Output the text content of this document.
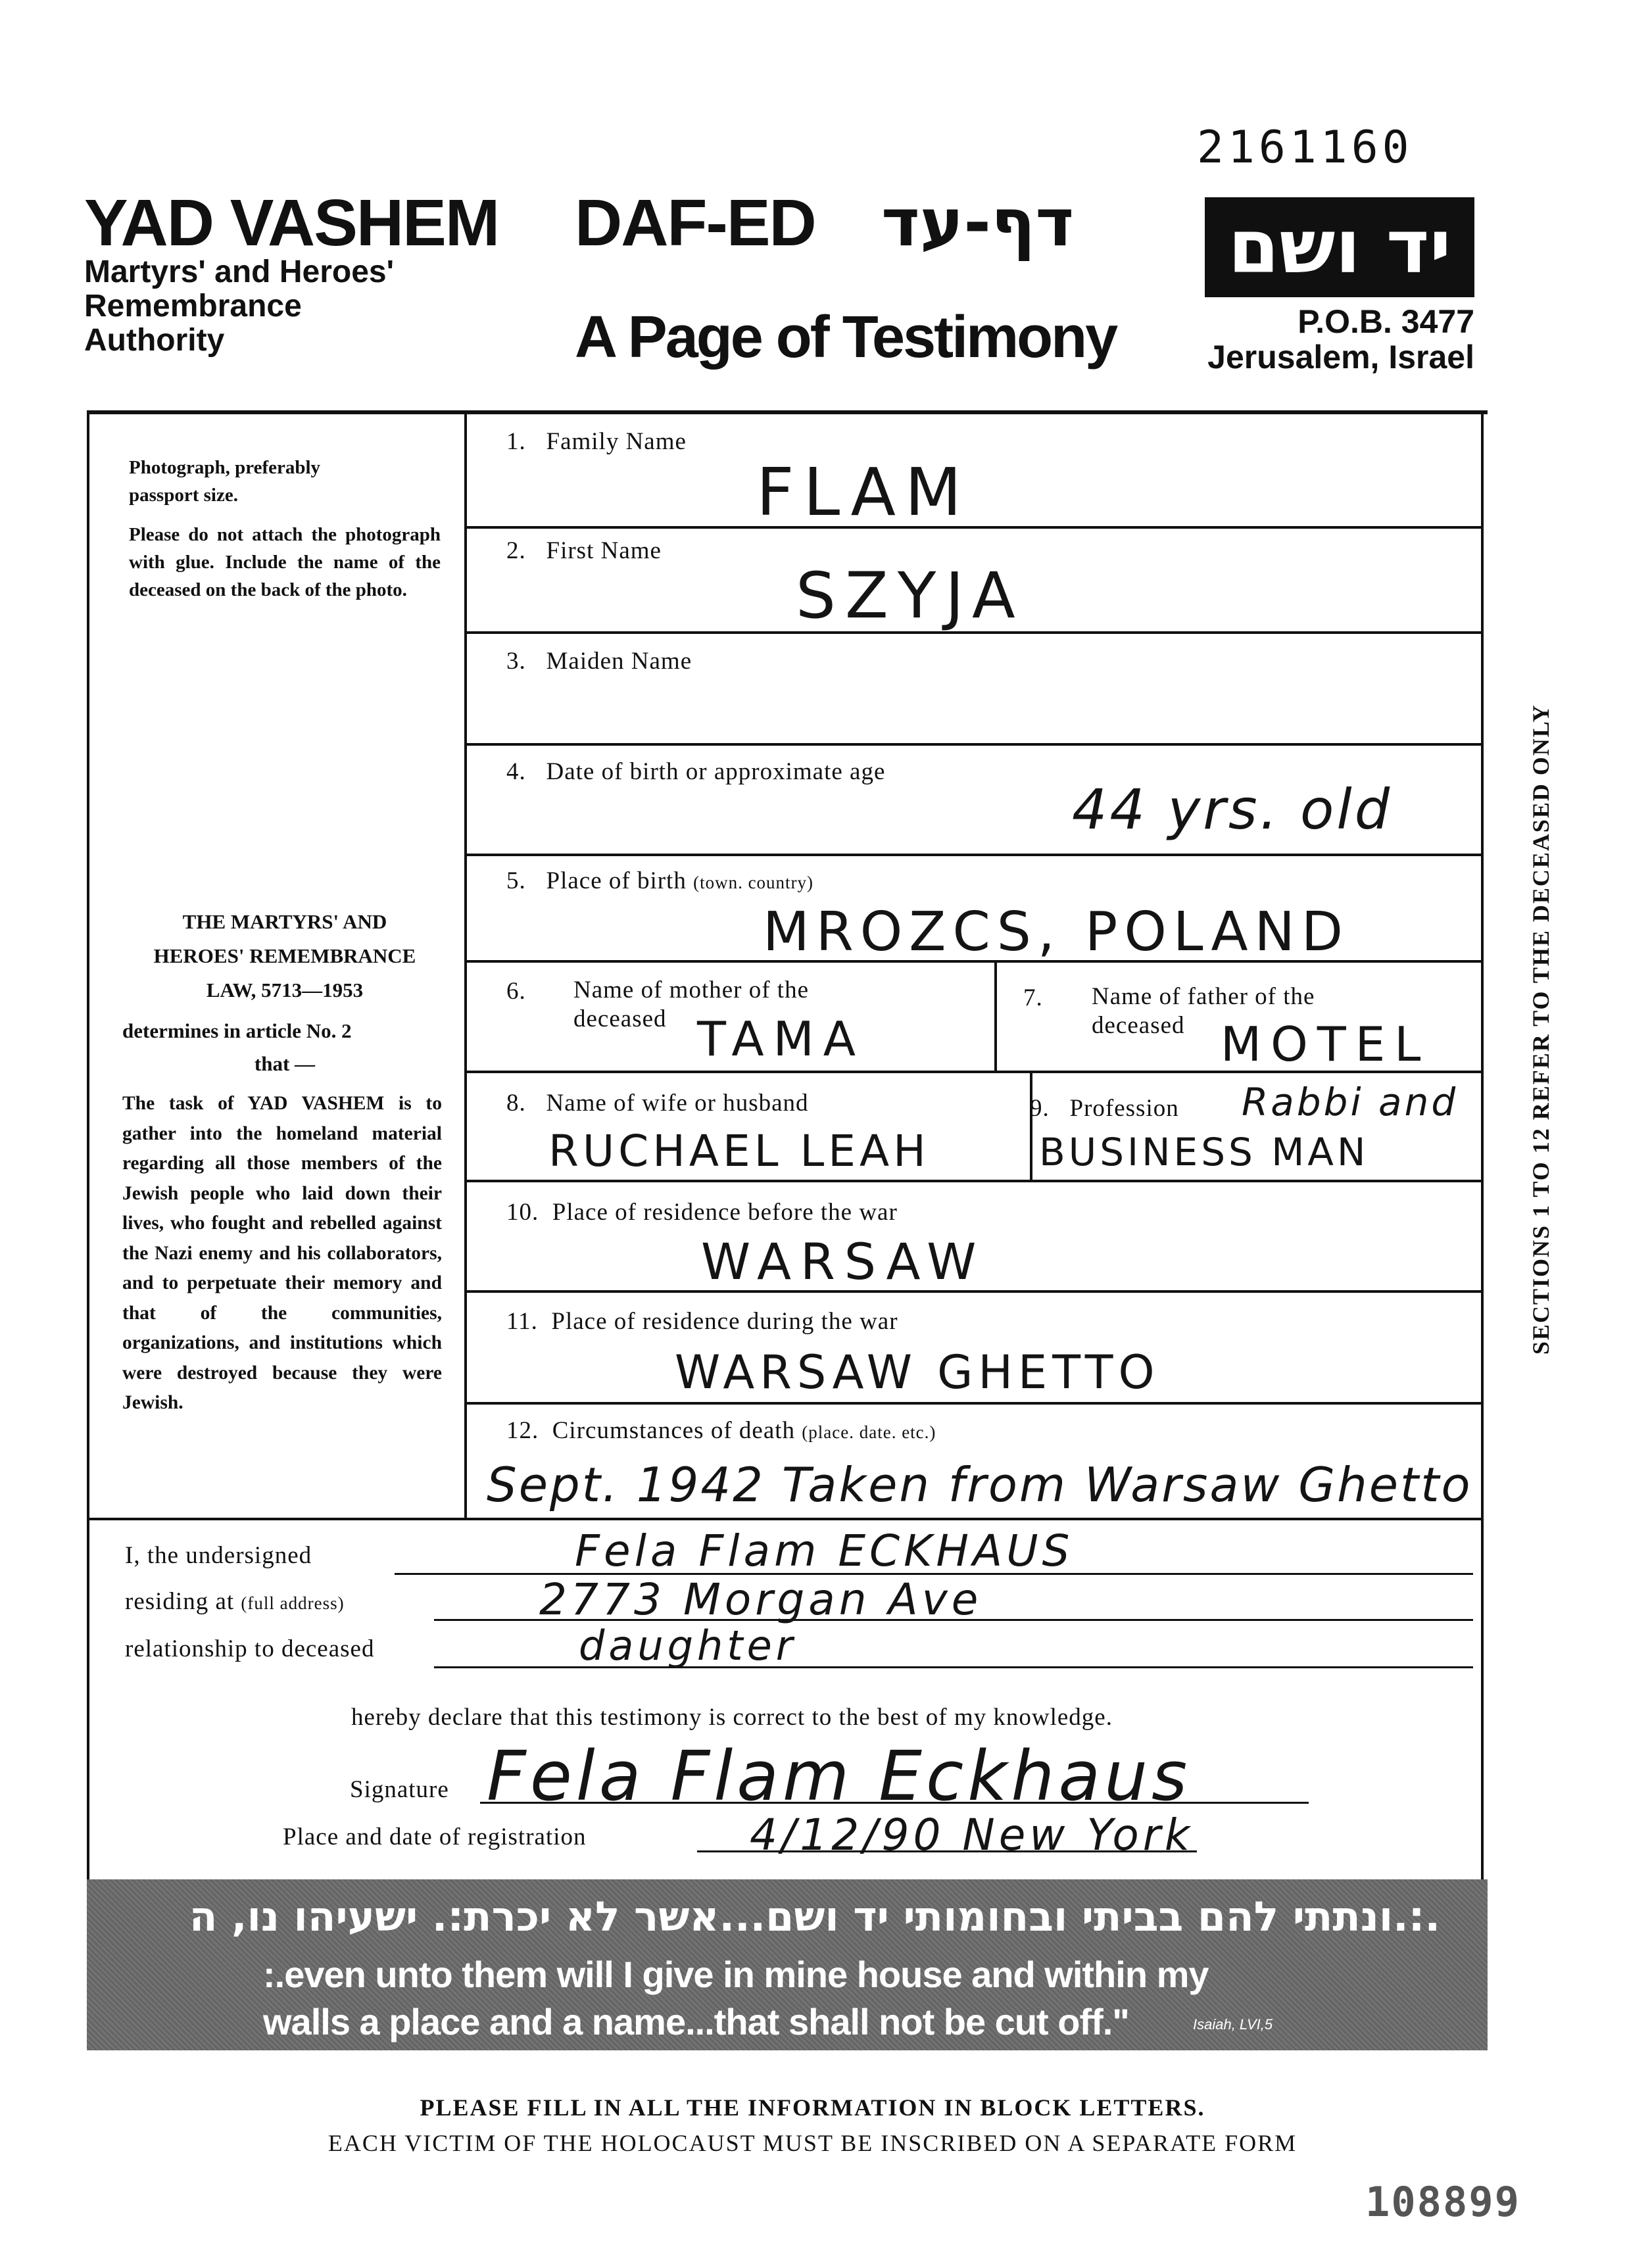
2161160
YAD VASHEM
Martyrs' and Heroes'
Remembrance
Authority
DAF-ED דף-עד
A Page of Testimony
יד ושם
P.O.B. 3477
Jerusalem, Israel
Photograph, preferably
passport size.
Please do not attach the photograph with glue. Include the name of the deceased on the back of the photo.
THE MARTYRS' AND
HEROES' REMEMBRANCE
LAW, 5713—1953
determines in article No. 2
that —
The task of YAD VASHEM is to gather into the homeland material regarding all those members of the Jewish people who laid down their lives, who fought and rebelled against the Nazi enemy and his collaborators, and to perpetuate their memory and that of the communities, organizations, and institutions which were destroyed because they were Jewish.
1. Family Name
FLAM
2. First Name
SZYJA
3. Maiden Name
4. Date of birth or approximate age
44 yrs. old
5. Place of birth (town. country)
MROZCS, POLAND
6. Name of mother of the
deceased TAMA
7. Name of father of the
deceased MOTEL
8. Name of wife or husband
RUCHAEL LEAH
9. Profession Rabbi and
BUSINESS MAN
10. Place of residence before the war
WARSAW
11. Place of residence during the war
WARSAW GHETTO
12. Circumstances of death (place. date. etc.)
Sept. 1942 Taken from Warsaw Ghetto
SECTIONS 1 TO 12 REFER TO THE DECEASED ONLY
I, the undersigned	Fela Flam ECKHAUS
residing at (full address)	2773 Morgan Ave
relationship to deceased	daughter
hereby declare that this testimony is correct to the best of my knowledge.
Signature Fela Flam Eckhaus
Place and date of registration	4/12/90 New York
.:.ונתתי להם בביתי ובחומותי יד ושם...אשר לא יכרת:. ישעיהו נו, ה
:.even unto them will I give in mine house and within my
walls a place and a name...that shall not be cut off."	Isaiah, LVI,5
PLEASE FILL IN ALL THE INFORMATION IN BLOCK LETTERS.
EACH VICTIM OF THE HOLOCAUST MUST BE INSCRIBED ON A SEPARATE FORM
108899
